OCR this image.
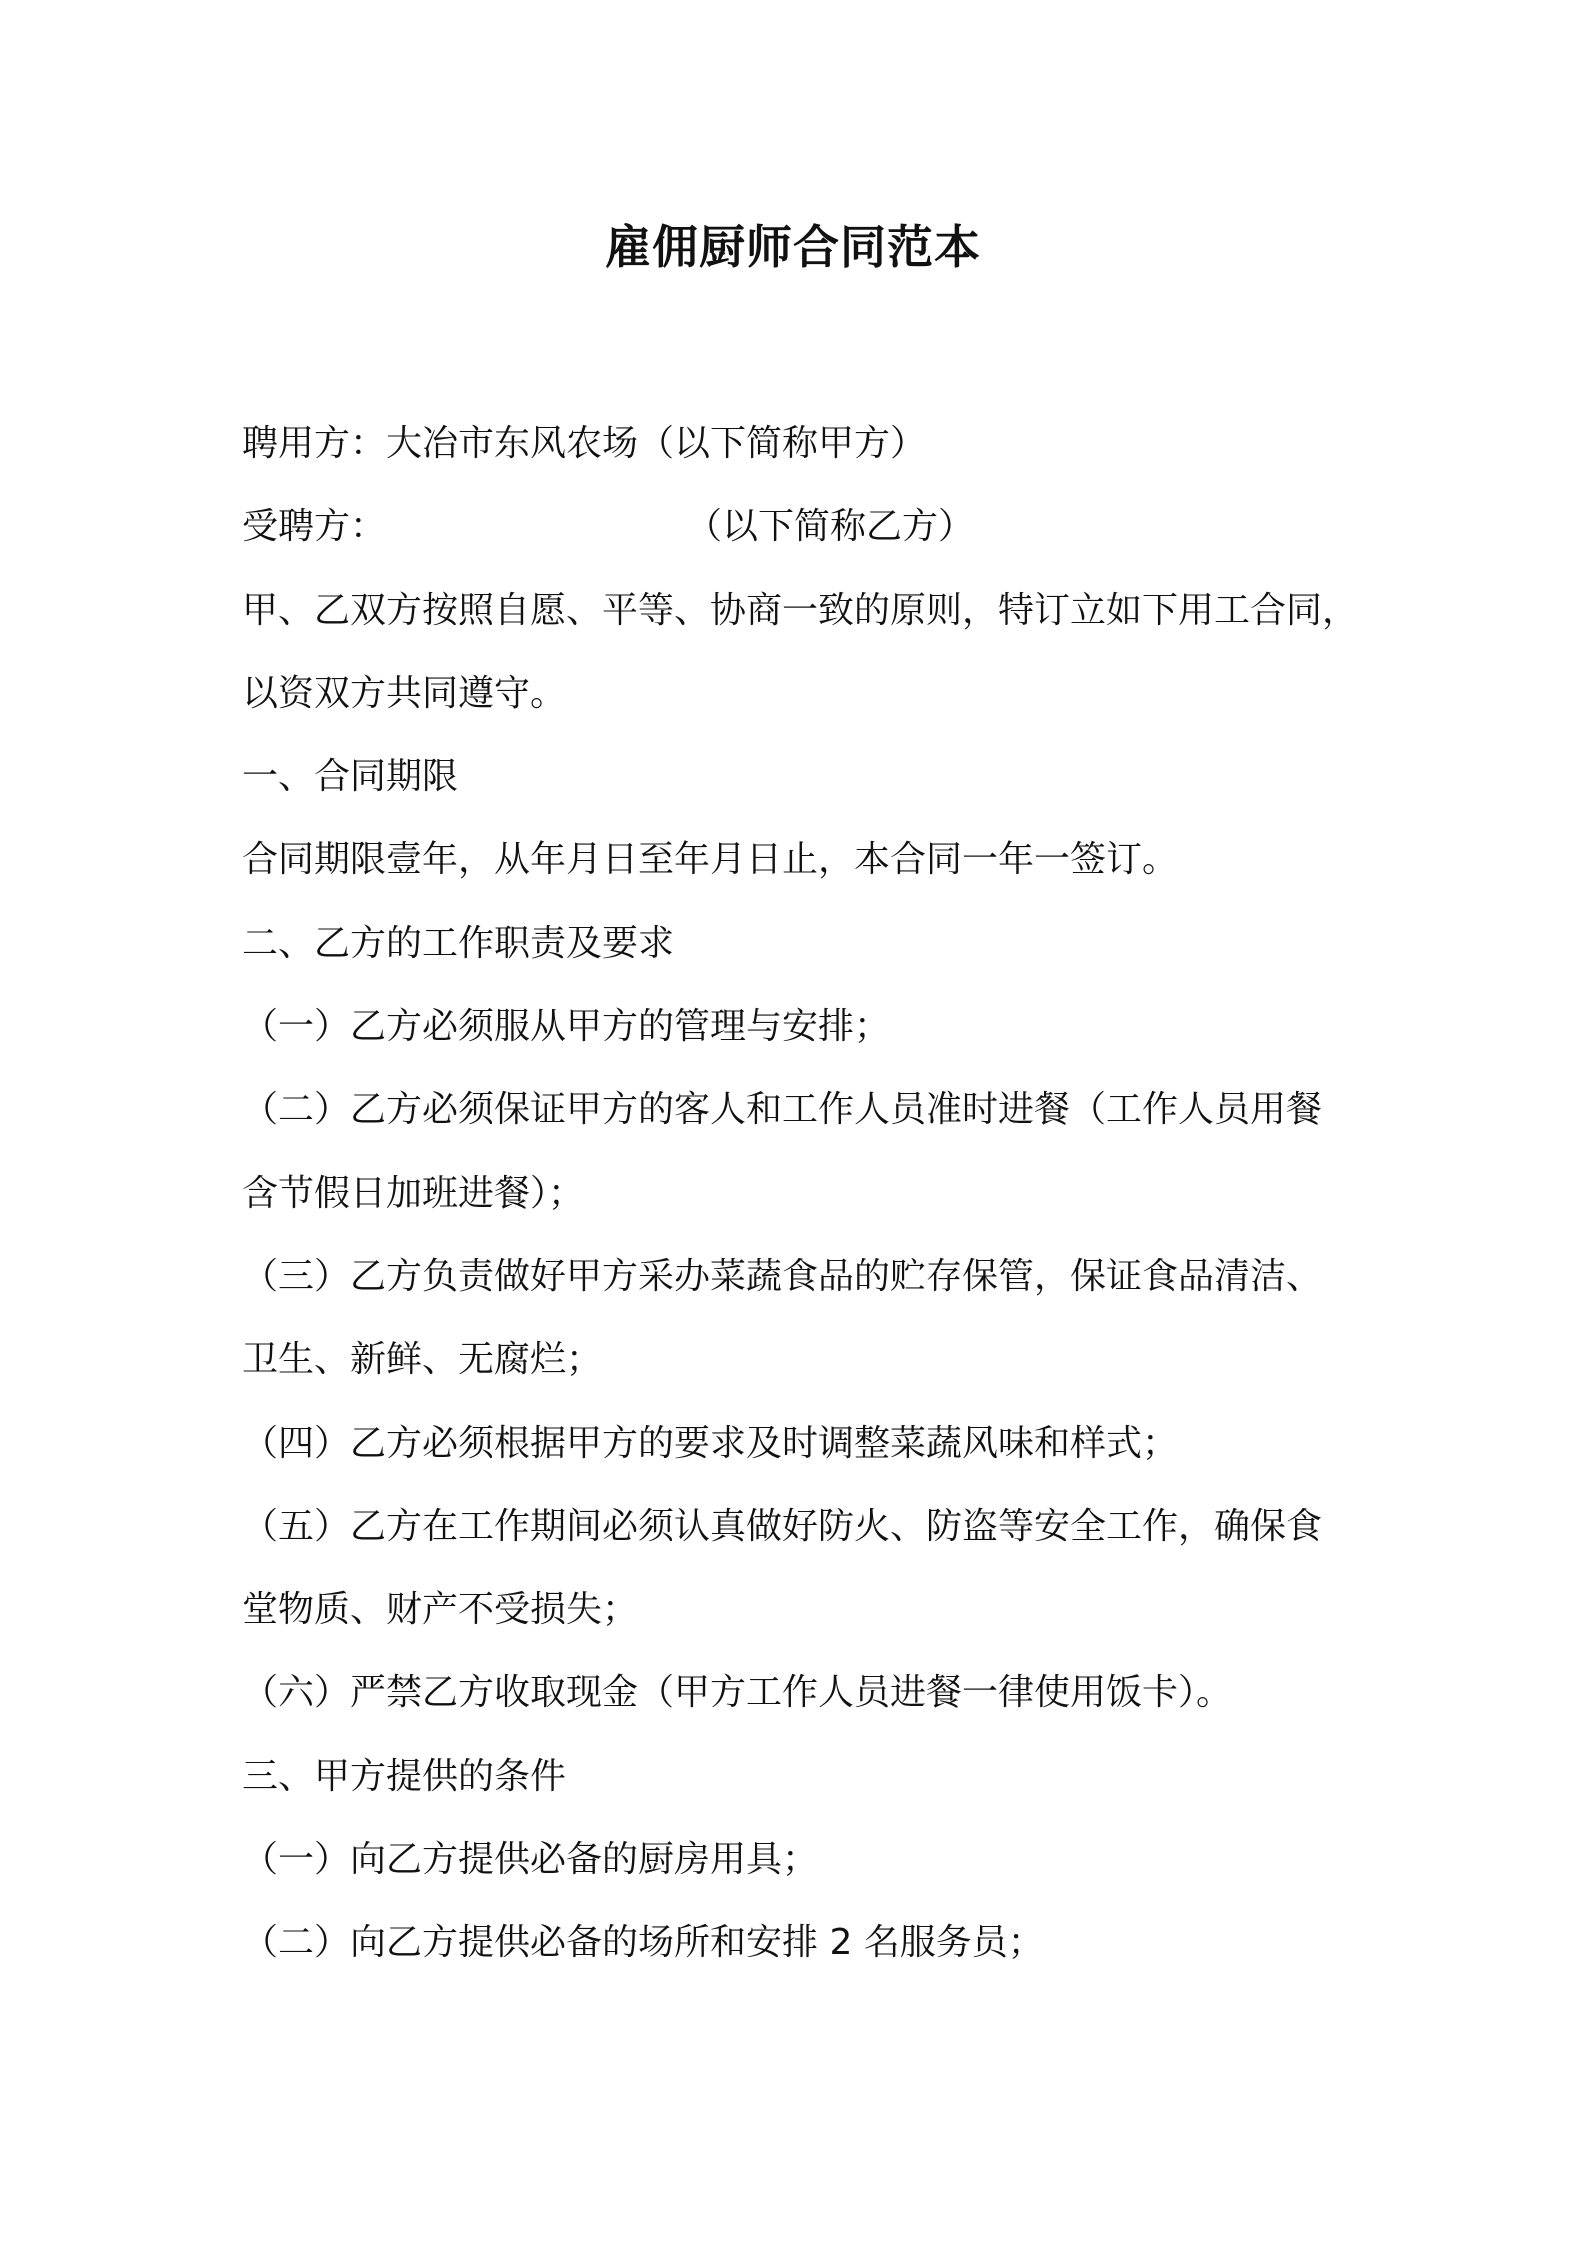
雇佣厨师合同范本

聘用方：大冶市东风农场（以下简称甲方）

受聘方：	（以下简称乙方）

甲、乙双方按照自愿、平等、协商一致的原则，特订立如下用工合同，

以资双方共同遵守。

一、合同期限

合同期限壹年，从年月日至年月日止，本合同一年一签订。

二、乙方的工作职责及要求

（一）乙方必须服从甲方的管理与安排；

（二）乙方必须保证甲方的客人和工作人员准时进餐（工作人员用餐

含节假日加班进餐）；

（三）乙方负责做好甲方采办菜蔬食品的贮存保管，保证食品清洁、

卫生、新鲜、无腐烂；

（四）乙方必须根据甲方的要求及时调整菜蔬风味和样式；

（五）乙方在工作期间必须认真做好防火、防盗等安全工作，确保食

堂物质、财产不受损失；

（六）严禁乙方收取现金（甲方工作人员进餐一律使用饭卡）。

三、甲方提供的条件

（一）向乙方提供必备的厨房用具；

（二）向乙方提供必备的场所和安排 2 名服务员；
